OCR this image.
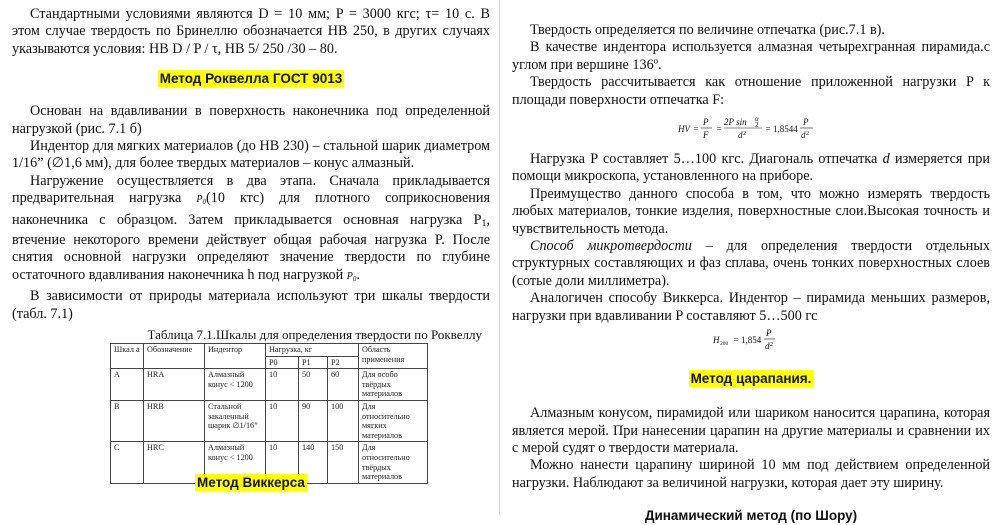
Стандартными условиями являются D = 10 мм; P = 3000 кгс; τ= 10 с. В этом случае твердость по Бринеллю обозначается НВ 250, в других случаях указываются условия: НВ D / P / τ, НВ 5/ 250 /30 – 80.

Метод Роквелла ГОСТ 9013

Основан на вдавливании в поверхность наконечника под определенной нагрузкой (рис. 7.1 б)

Индентор для мягких материалов (до НВ 230) – стальной шарик диаметром 1/16” (∅1,6 мм), для более твердых материалов – конус алмазный.

Нагружение осуществляется в два этапа. Сначала прикладывается предварительная нагрузка $P_0(10$ ктс) для плотного соприкосновения наконечника с образцом. Затем прикладывается основная нагрузка $P_1$, втечение некоторого времени действует общая рабочая нагрузка P. После снятия основной нагрузки определяют значение твердости по глубине остаточного вдавливания наконечника h под нагрузкой $P_0$.

В зависимости от природы материала используют три шкалы твердости (табл. 7.1)

Таблица 7.1.Шкалы для определения твердости по Роквеллу
Шкал а	Обозначение	Индентор	Нагрузка, кг			Область применения
			P0	P1	P2	
A	HRA	Алмазный конус < 1200	10	50	60	Для особо твёрдых материалов
B	HRB	Стальной закаленный шарик ∅1/16”	10	90	100	Для относительно мягких материалов
C	HRC	Алмазный конус < 1200	10	140	150	Для относительно твёрдых материалов
Метод Виккерса

Твердость определяется по величине отпечатка (рис.7.1 в).

В качестве индентора используется алмазная четырехгранная пирамида.с углом при вершине 136º.

Твердость рассчитывается как отношение приложенной нагрузки P к площади поверхности отпечатка F:

HV =
P
F
=
2P sin α
2
d 2 = 1,8544
P
d 2

Нагрузка P составляет 5…100 кгс. Диагональ отпечатка d измеряется при помощи микроскопа, установленного на приборе.

Преимущество данного способа в том, что можно измерять твердость любых материалов, тонкие изделия, поверхностные слои.Высокая точность и чувствительность метода.

Способ микротвердости – для определения твердости отдельных структурных составляющих и фаз сплава, очень тонких поверхностных слоев (сотые доли миллиметра).

Аналогичен способу Виккерса. Индентор – пирамида меньших размеров, нагрузки при вдавливании P составляют 5…500 гс

H 200 = 1,854
P
d 2
Метод царапания.

Алмазным конусом, пирамидой или шариком наносится царапина, которая является мерой. При нанесении царапин на другие материалы и сравнении их с мерой судят о твердости материала.

Можно нанести царапину шириной 10 мм под действием определенной нагрузки. Наблюдают за величиной нагрузки, которая дает эту ширину.

Динамический метод (по Шору)
